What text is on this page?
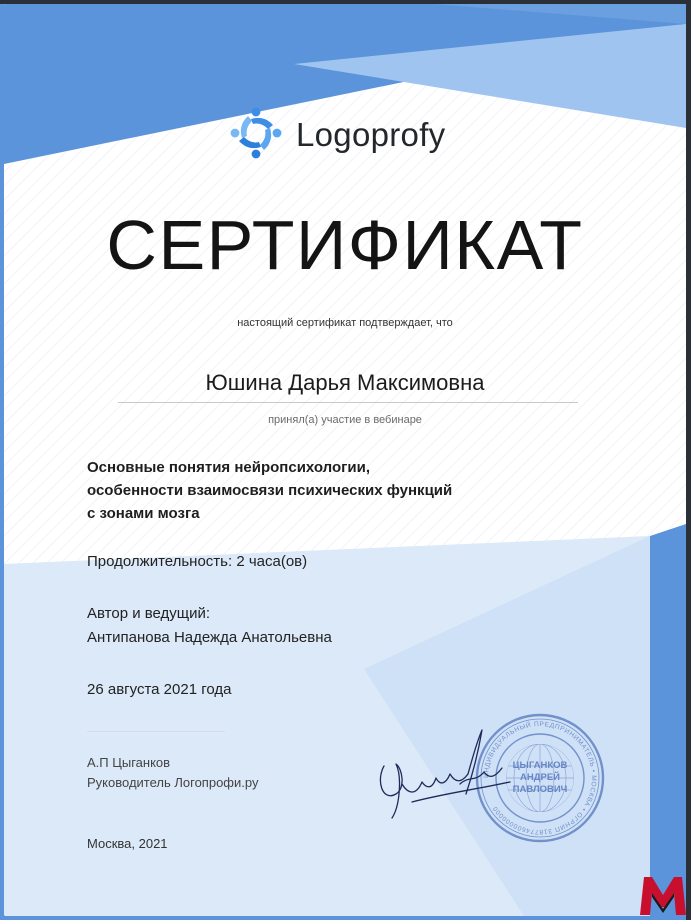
Logoprofy
СЕРТИФИКАТ
настоящий сертификат подтверждает, что
Юшина Дарья Максимовна
принял(а) участие в вебинаре
Основные понятия нейропсихологии,
особенности взаимосвязи психических функций
с зонами мозга
Продолжительность: 2 часа(ов)
Автор и ведущий:
Антипанова Надежда Анатольевна
26 августа 2021 года
А.П Цыганков
Руководитель Логопрофи.ру
Москва, 2021
ИНДИВИДУАЛЬНЫЙ ПРЕДПРИНИМАТЕЛЬ • МОСКВА • ОГРНИП 318774600000000
ЦЫГАНКОВ
АНДРЕЙ
ПАВЛОВИЧ
